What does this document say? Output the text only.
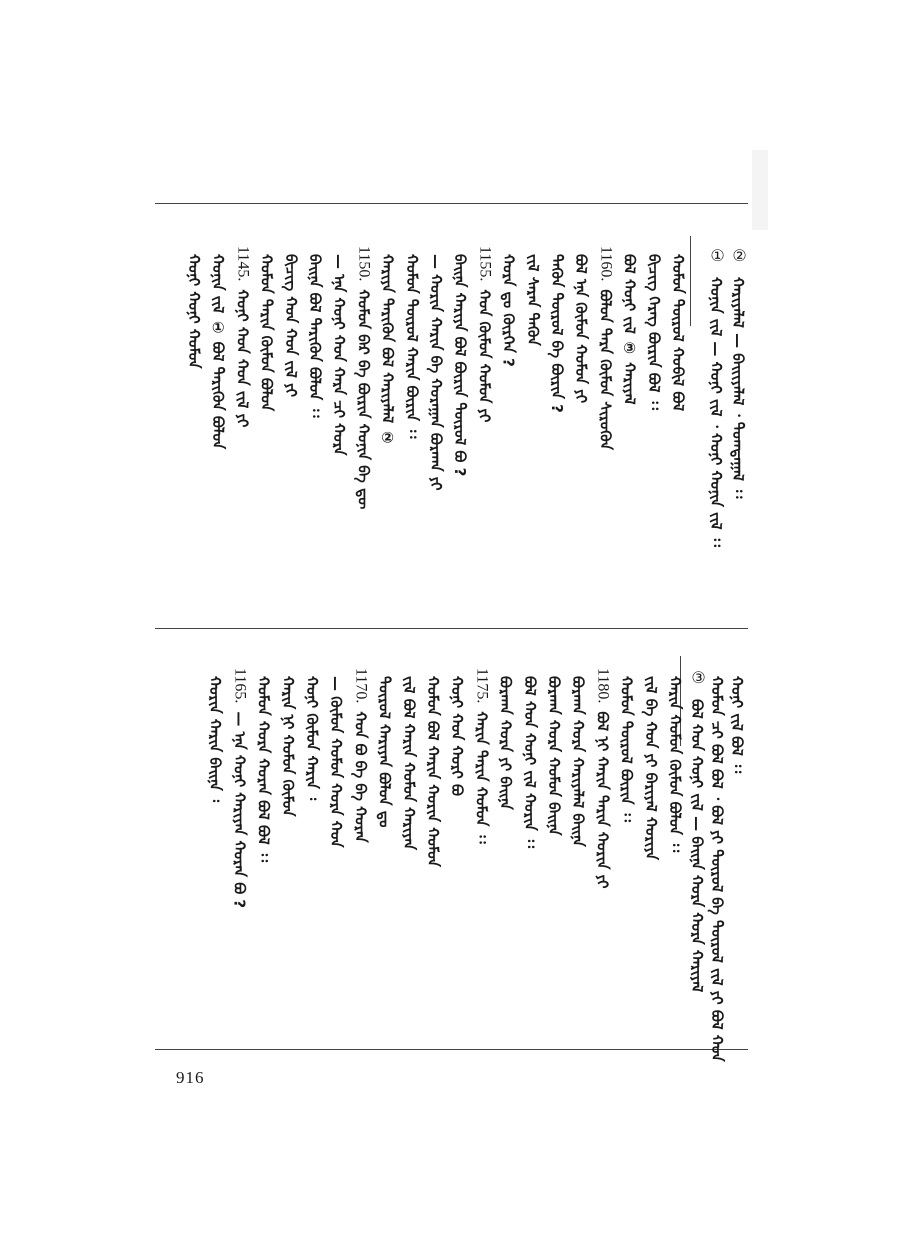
② ᠬᠠᠷᠢᠶᠠᠯᠠᠯ — ᠪᠠᠢᠢᠶᠠᠯᠠᠯ ᠂ ᠲᠣᠭᠲᠠᠭᠠᠯ ᠄᠄
① ᠬᠣᠨᠢᠨ ᠵᠢᠯ — ᠬᠣᠨᠢ ᠵᠢᠯ ᠂ ᠬᠣᠨᠢ ᠬᠣᠨᠢᠨ ᠵᠢᠯ ᠄᠄
ᠬᠤᠮᠤᠨ ᠲᠦᠷᠦᠯ ᠬᠤᠪᠢᠯ ᠪᠣᠯ
ᠪᠢᠴᠢᠭ ᠬᠡᠷᠡᠭ ᠪᠦᠷᠢᠨ ᠪᠣᠯ ᠄᠄
ᠪᠣᠯ ᠬᠣᠨᠢ ᠵᠢᠯ ③ ᠬᠠᠷᠢᠶᠠᠯ
1160.ᠪᠣᠯᠣᠨ ᠲᠡᠷᠡ ᠬᠦᠮᠦᠨ ᠰᠢᠷᠦᠭᠦᠨ
ᠪᠣᠯ ᠡᠨᠡ ᠬᠦᠮᠦᠨ ᠬᠤᠮᠤᠨ ᠶᠢ
ᠲᠡᠭᠦᠨ ᠲᠦᠷᠦᠯ ᠪᠡ ᠪᠦᠷᠢᠨ ?
ᠵᠢᠯ ᠰᠠᠷᠠᠨ ᠲᠡᠭᠦᠨ
ᠬᠤᠷᠠ ᠳᠤ ᠬᠦᠷᠭᠡᠨ ?
1155.ᠬᠣᠨ ᠬᠦᠮᠦᠨ ᠬᠤᠮᠤᠨ ᠶᠢ
ᠪᠠᠢᠨᠠ ᠬᠠᠷᠢᠶᠠ ᠪᠣᠯ ᠪᠦᠷᠢᠨ ᠲᠦᠷᠦᠯ ᠪᠣ ?
— ᠬᠤᠷᠢᠨ ᠬᠠᠷᠢᠨ ᠪᠡ ᠬᠤᠷᠠᠭᠠᠨ ᠪᠤᠷᠬᠠᠨ ᠶᠢ
ᠬᠤᠮᠤᠨ ᠲᠦᠷᠦᠯ ᠬᠠᠷᠢᠨ ᠪᠦᠷᠢᠨ ᠄᠄
ᠬᠠᠷᠢᠶᠠ ᠲᠡᠷᠢᠭᠦᠨ ᠪᠣᠯ ᠬᠠᠷᠢᠶᠠᠯᠠᠯ ②
1150.ᠬᠤᠮᠤᠨ ᠪᠡᠷ ᠪᠡ ᠪᠦᠷᠢᠨ ᠬᠣᠨᠢᠨ ᠪᠡ ᠳᠦ
— ᠡᠨᠡ ᠬᠣᠨᠢ ᠬᠣᠨ ᠬᠠᠷᠠ ᠴᠢ ᠬᠤᠷᠠ
ᠪᠠᠢᠨᠠ ᠪᠣᠯ ᠲᠡᠷᠢᠭᠦᠨ ᠪᠣᠯᠣᠨ ᠄᠄
ᠪᠢᠴᠢᠭ ᠬᠣᠨ ᠬᠣᠨ ᠵᠢᠯ ᠶᠢ
ᠬᠤᠮᠤᠨ ᠲᠡᠷᠢᠨ ᠬᠦᠮᠦᠨ ᠪᠣᠯᠣᠨ
1145.ᠬᠣᠨᠢ ᠬᠣᠨ ᠬᠣᠨ ᠵᠢᠯ ᠶᠢ
ᠬᠣᠨᠢᠨ ᠵᠢᠯ ① ᠪᠣᠯ ᠲᠡᠷᠢᠭᠦᠨ ᠪᠣᠯᠣᠨ
ᠬᠣᠨᠢ ᠬᠣᠨᠢ ᠬᠤᠮᠤᠨ
ᠬᠣᠨᠢ ᠵᠢᠯ ᠪᠣᠯ ᠄᠄
ᠬᠤᠮᠤᠨ ᠴᠢ ᠪᠣᠯ ᠪᠣᠯ ᠂ ᠪᠣᠯ ᠶᠢ ᠲᠦᠷᠦᠯ ᠪᠡ ᠲᠦᠷᠦᠯ ᠵᠢᠯ ᠶᠢ ᠪᠣᠯ ᠬᠣᠨ
③ ᠪᠣᠯ ᠬᠣᠨ ᠬᠣᠨᠢ ᠵᠢᠯ — ᠪᠠᠢᠨᠠ ᠬᠤᠷᠠ ᠬᠤᠷᠠ ᠬᠠᠷᠢᠶᠠᠯ
ᠬᠠᠷᠢᠨ ᠬᠤᠮᠤᠨ ᠬᠦᠮᠦᠨ ᠪᠣᠯᠣᠨ ᠄᠄
ᠵᠢᠯ ᠪᠡ ᠬᠣᠨ ᠶᠢ ᠪᠠᠷᠢᠶᠠᠯ ᠬᠣᠷᠢᠶᠠ
ᠬᠤᠮᠤᠨ ᠲᠦᠷᠦᠯ ᠪᠦᠷᠢᠨ ᠄᠄
1180.ᠪᠣᠯ ᠨᠢ ᠬᠠᠷᠢᠨ ᠲᠡᠷᠢᠨ ᠬᠣᠷᠢᠨ ᠶᠢ
ᠪᠤᠷᠬᠠᠨ ᠬᠤᠷᠠ ᠬᠠᠷᠢᠶᠠᠯᠠᠯ ᠪᠠᠢᠨᠠ
ᠪᠤᠷᠬᠠᠨ ᠬᠤᠷᠠ ᠬᠤᠮᠤᠨ ᠪᠠᠢᠨᠠ
ᠪᠣᠯ ᠬᠣᠨ ᠬᠣᠨᠢ ᠵᠢᠯ ᠬᠤᠷᠢᠨ ᠄᠄
ᠪᠤᠷᠬᠠᠨ ᠬᠤᠷᠠ ᠶᠢ ᠪᠠᠢᠨᠠ
1175.ᠬᠠᠷᠢᠨ ᠲᠡᠷᠢᠨ ᠬᠤᠮᠤᠨ ᠄᠄
ᠬᠣᠨᠢ ᠬᠣᠨ ᠬᠣᠷᠢ ᠪᠣ
ᠬᠤᠮᠤᠨ ᠪᠣᠯ ᠬᠠᠷᠢᠨ ᠬᠤᠷᠢᠨ ᠬᠤᠮᠤᠨ
ᠵᠢᠯ ᠪᠣᠯ ᠬᠠᠷᠢᠨ ᠬᠤᠮᠤᠨ ᠬᠠᠷᠢᠶᠠᠨ
ᠲᠦᠷᠦᠯ ᠬᠠᠷᠢᠶᠠᠨ ᠪᠣᠯᠣᠨ ᠳᠣ
1170.ᠬᠣᠨ ᠪᠣ ᠪᠠ ᠪᠡ ᠬᠤᠷᠠᠨ
— ᠬᠦᠮᠦᠨ ᠬᠤᠮᠤᠨ ᠬᠤᠷᠠ ᠬᠣᠨ
ᠬᠣᠨᠢ ᠬᠦᠮᠦᠨ ᠬᠠᠷᠢᠨ ᠄
ᠬᠠᠷᠢᠨ ᠨᠢ ᠬᠤᠮᠤᠨ ᠬᠦᠮᠦᠨ
ᠬᠤᠮᠤᠨ ᠬᠤᠷᠠ ᠬᠤᠷᠠᠨ ᠪᠣᠯ ᠪᠣᠯ ᠄᠄
1165.— ᠡᠨᠡ ᠬᠣᠨᠢ ᠬᠠᠷᠢᠶᠠᠨ ᠬᠤᠷᠠᠨ ᠪᠣ ?
ᠬᠤᠷᠢᠨ ᠬᠠᠷᠢᠨ ᠪᠠᠢᠨᠠ ᠄
916
